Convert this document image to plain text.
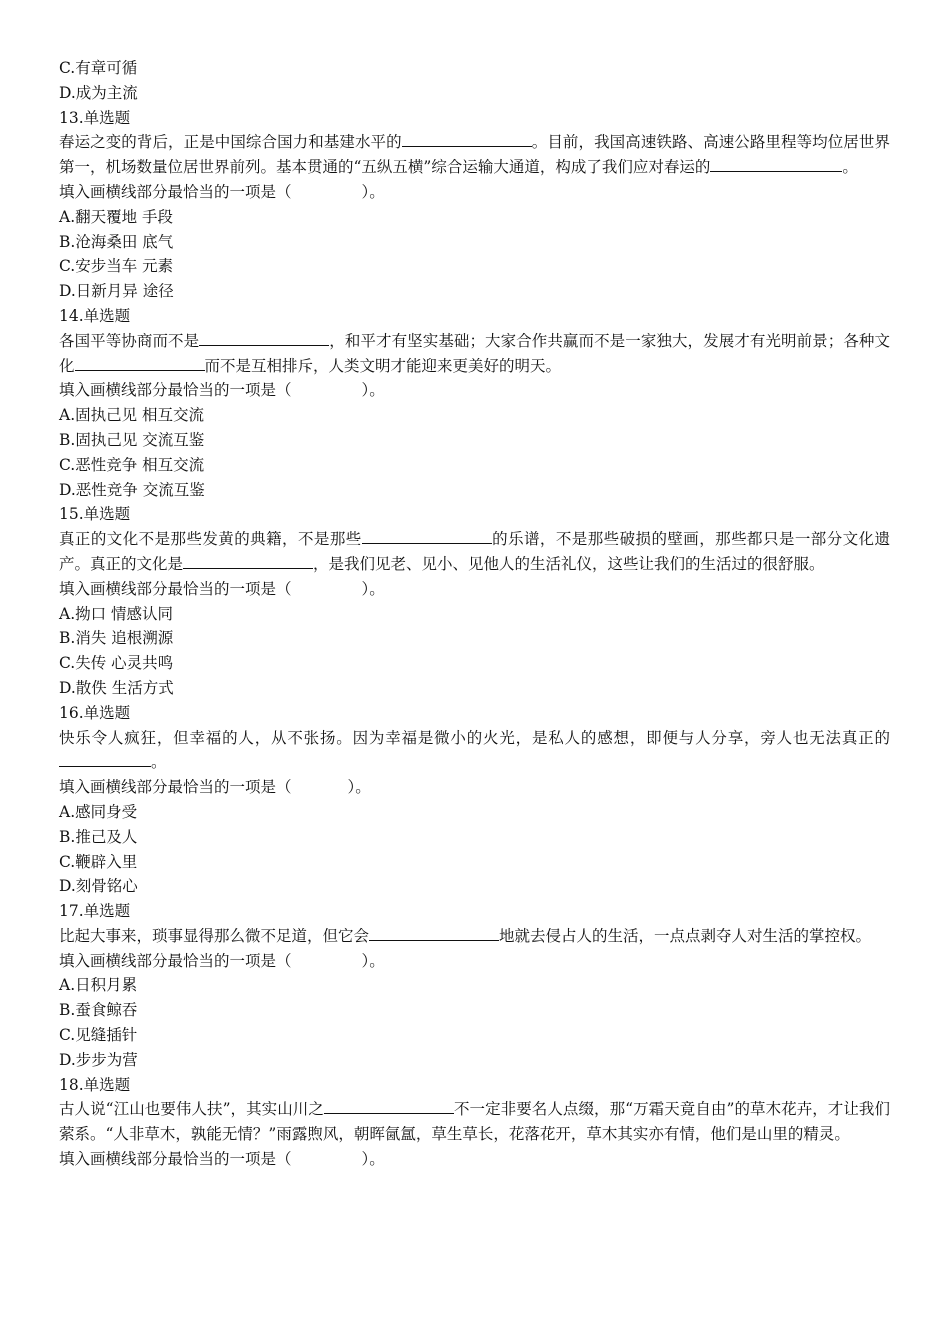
C.有章可循
D.成为主流
13.单选题
春运之变的背后，正是中国综合国力和基建水平的	。目前，我国高速铁路、高速公路里程等均位居世界第一，机场数量位居世界前列。基本贯通的“五纵五横”综合运输大通道，构成了我们应对春运的	。
填入画横线部分最恰当的一项是（	）。
A.翻天覆地 手段
B.沧海桑田 底气
C.安步当车 元素
D.日新月异 途径
14.单选题
各国平等协商而不是	，和平才有坚实基础；大家合作共赢而不是一家独大，发展才有光明前景；各种文化	而不是互相排斥，人类文明才能迎来更美好的明天。
填入画横线部分最恰当的一项是（	）。
A.固执己见 相互交流
B.固执己见 交流互鉴
C.恶性竞争 相互交流
D.恶性竞争 交流互鉴
15.单选题
真正的文化不是那些发黄的典籍，不是那些	的乐谱，不是那些破损的壁画，那些都只是一部分文化遗产。真正的文化是	，是我们见老、见小、见他人的生活礼仪，这些让我们的生活过的很舒服。
填入画横线部分最恰当的一项是（	）。
A.拗口 情感认同
B.消失 追根溯源
C.失传 心灵共鸣
D.散佚 生活方式
16.单选题
快乐令人疯狂，但幸福的人，从不张扬。因为幸福是微小的火光，是私人的感想，即便与人分享，旁人也无法真正的。
填入画横线部分最恰当的一项是（	）。
A.感同身受
B.推己及人
C.鞭辟入里
D.刻骨铭心
17.单选题
比起大事来，琐事显得那么微不足道，但它会	地就去侵占人的生活，一点点剥夺人对生活的掌控权。
填入画横线部分最恰当的一项是（	）。
A.日积月累
B.蚕食鲸吞
C.见缝插针
D.步步为营
18.单选题
古人说“江山也要伟人扶”，其实山川之	不一定非要名人点缀，那“万霜天竟自由”的草木花卉，才让我们萦系。“人非草木，孰能无情？”雨露煦风，朝晖氤氲，草生草长，花落花开，草木其实亦有情，他们是山里的精灵。
填入画横线部分最恰当的一项是（	）。
